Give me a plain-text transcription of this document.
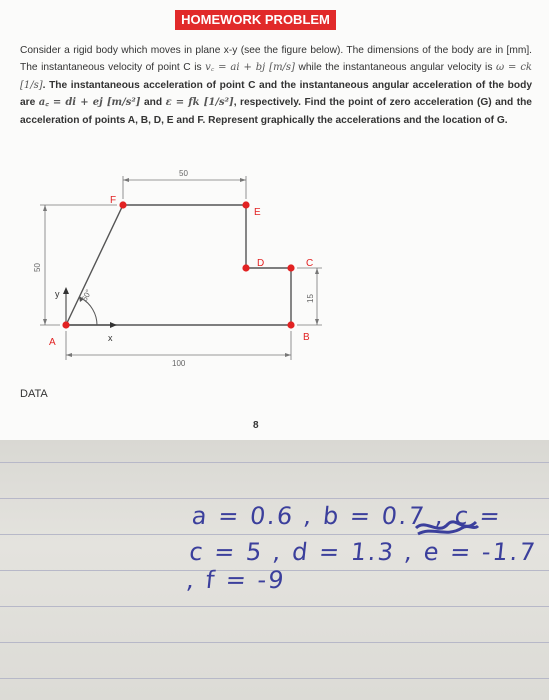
HOMEWORK PROBLEM

Consider a rigid body which moves in plane x-y (see the figure below). The dimensions of the body are in [mm]. The instantaneous velocity of point C is v꜀ = ai + bj [m/s] while the instantaneous angular velocity is ω = ck [1/s]. The instantaneous acceleration of point C and the instantaneous angular acceleration of the body are a꜀ = di + ej [m/s²] and ε = fk [1/s²], respectively. Find the point of zero acceleration (G) and the acceleration of points A, B, D, E and F. Represent graphically the accelerations and the location of G.

50
100
50
15
60°
A	B
C
D
E
F
x
y
DATA
8
a = 0.6 , b = 0.7 , c =
c = 5 , d = 1.3 , e = -1.7 , f = -9
